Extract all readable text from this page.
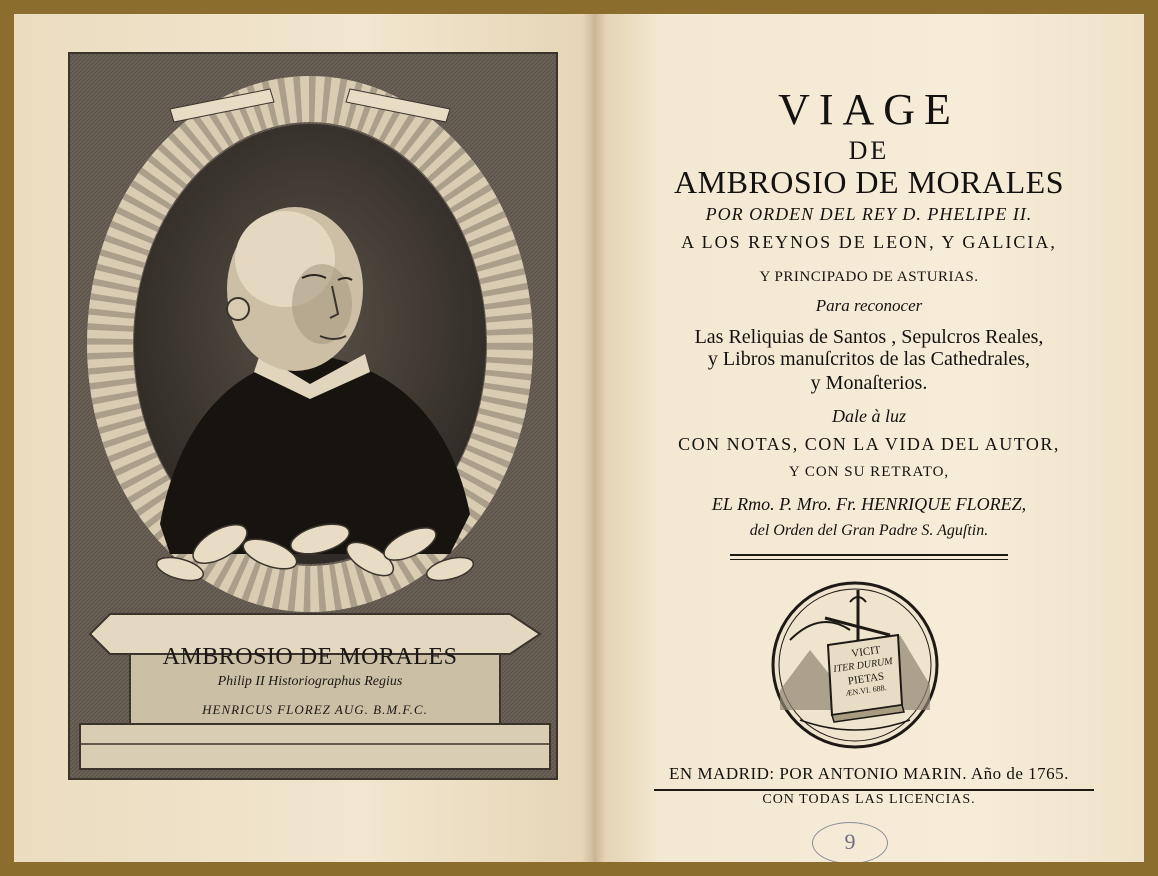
AMBROSIO DE MORALES
Philip II Historiographus Regius
HENRICUS FLOREZ AUG. B.M.F.C.
VIAGE
DE
AMBROSIO DE MORALES
POR ORDEN DEL REY D. PHELIPE II.
A LOS REYNOS DE LEON, Y GALICIA,
Y PRINCIPADO DE ASTURIAS.
Para reconocer
Las Reliquias de Santos , Sepulcros Reales,
y Libros manuſcritos de las Cathedrales,
y Monaſterios.
Dale à luz
CON NOTAS, CON LA VIDA DEL AUTOR,
Y CON SU RETRATO,
EL Rmo. P. Mro. Fr. HENRIQUE FLOREZ,
del Orden del Gran Padre S. Aguſtin.
VICIT
ITER DURUM
PIETAS
ÆN.VI. 688.
EN MADRID: POR ANTONIO MARIN. Año de 1765.
CON TODAS LAS LICENCIAS.
9
